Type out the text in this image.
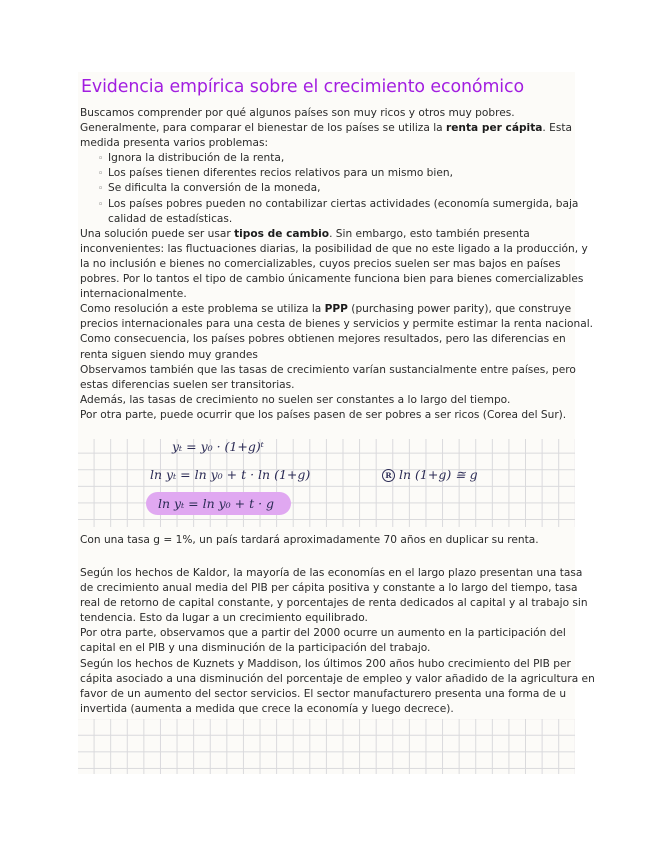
Evidencia empírica sobre el crecimiento económico

Buscamos comprender por qué algunos países son muy ricos y otros muy pobres.

Generalmente, para comparar el bienestar de los países se utiliza la renta per cápita. Esta

medida presenta varios problemas:

◦ Ignora la distribución de la renta,

◦ Los países tienen diferentes recios relativos para un mismo bien,

◦ Se dificulta la conversión de la moneda,

◦ Los países pobres pueden no contabilizar ciertas actividades (economía sumergida, baja

calidad de estadísticas.

Una solución puede ser usar tipos de cambio. Sin embargo, esto también presenta

inconvenientes: las fluctuaciones diarias, la posibilidad de que no este ligado a la producción, y

la no inclusión e bienes no comercializables, cuyos precios suelen ser mas bajos en países

pobres. Por lo tantos el tipo de cambio únicamente funciona bien para bienes comercializables

internacionalmente.

Como resolución a este problema se utiliza la PPP (purchasing power parity), que construye

precios internacionales para una cesta de bienes y servicios y permite estimar la renta nacional.

Como consecuencia, los países pobres obtienen mejores resultados, pero las diferencias en

renta siguen siendo muy grandes

Observamos también que las tasas de crecimiento varían sustancialmente entre países, pero

estas diferencias suelen ser transitorias.

Además, las tasas de crecimiento no suelen ser constantes a lo largo del tiempo.

Por otra parte, puede ocurrir que los países pasen de ser pobres a ser ricos (Corea del Sur).

yₜ = y₀ · (1+g)ᵗ
ln yₜ = ln y₀ + t · ln (1+g)
ln yₜ = ln y₀ + t · g
R ln (1+g) ≅ g

Con una tasa g = 1%, un país tardará aproximadamente 70 años en duplicar su renta.

Según los hechos de Kaldor, la mayoría de las economías en el largo plazo presentan una tasa

de crecimiento anual media del PIB per cápita positiva y constante a lo largo del tiempo, tasa

real de retorno de capital constante, y porcentajes de renta dedicados al capital y al trabajo sin

tendencia. Esto da lugar a un crecimiento equilibrado.

Por otra parte, observamos que a partir del 2000 ocurre un aumento en la participación del

capital en el PIB y una disminución de la participación del trabajo.

Según los hechos de Kuznets y Maddison, los últimos 200 años hubo crecimiento del PIB per

cápita asociado a una disminución del porcentaje de empleo y valor añadido de la agricultura en

favor de un aumento del sector servicios. El sector manufacturero presenta una forma de u

invertida (aumenta a medida que crece la economía y luego decrece).
